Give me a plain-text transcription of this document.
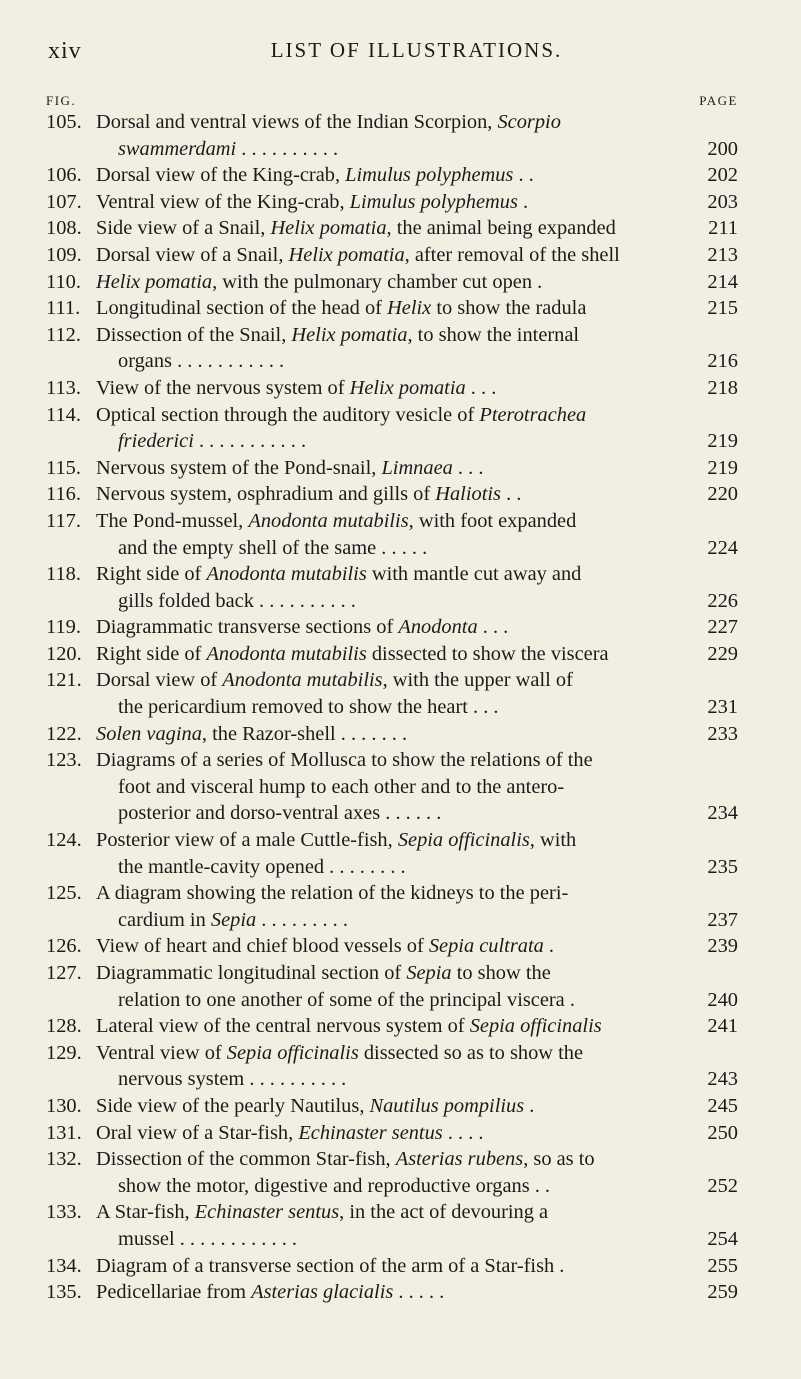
xiv	LIST OF ILLUSTRATIONS.
FIG.	PAGE
105. Dorsal and ventral views of the Indian Scorpion, Scorpio
swammerdami . . . . . . . . . .	200
106. Dorsal view of the King-crab, Limulus polyphemus . .	202
107. Ventral view of the King-crab, Limulus polyphemus .	203
108. Side view of a Snail, Helix pomatia, the animal being expanded	211
109. Dorsal view of a Snail, Helix pomatia, after removal of the shell	213
110. Helix pomatia, with the pulmonary chamber cut open .	214
111. Longitudinal section of the head of Helix to show the radula	215
112. Dissection of the Snail, Helix pomatia, to show the internal
organs . . . . . . . . . . .	216
113. View of the nervous system of Helix pomatia . . .	218
114. Optical section through the auditory vesicle of Pterotrachea
friederici . . . . . . . . . . .	219
115. Nervous system of the Pond-snail, Limnaea . . .	219
116. Nervous system, osphradium and gills of Haliotis . .	220
117. The Pond-mussel, Anodonta mutabilis, with foot expanded
and the empty shell of the same . . . . .	224
118. Right side of Anodonta mutabilis with mantle cut away and
gills folded back . . . . . . . . . .	226
119. Diagrammatic transverse sections of Anodonta . . .	227
120. Right side of Anodonta mutabilis dissected to show the viscera	229
121. Dorsal view of Anodonta mutabilis, with the upper wall of
the pericardium removed to show the heart . . .	231
122. Solen vagina, the Razor-shell . . . . . . .	233
123. Diagrams of a series of Mollusca to show the relations of the
foot and visceral hump to each other and to the antero-
posterior and dorso-ventral axes . . . . . .	234
124. Posterior view of a male Cuttle-fish, Sepia officinalis, with
the mantle-cavity opened . . . . . . . .	235
125. A diagram showing the relation of the kidneys to the peri-
cardium in Sepia . . . . . . . . .	237
126. View of heart and chief blood vessels of Sepia cultrata .	239
127. Diagrammatic longitudinal section of Sepia to show the
relation to one another of some of the principal viscera .	240
128. Lateral view of the central nervous system of Sepia officinalis	241
129. Ventral view of Sepia officinalis dissected so as to show the
nervous system . . . . . . . . . .	243
130. Side view of the pearly Nautilus, Nautilus pompilius .	245
131. Oral view of a Star-fish, Echinaster sentus . . . .	250
132. Dissection of the common Star-fish, Asterias rubens, so as to
show the motor, digestive and reproductive organs . .	252
133. A Star-fish, Echinaster sentus, in the act of devouring a
mussel . . . . . . . . . . . .	254
134. Diagram of a transverse section of the arm of a Star-fish .	255
135. Pedicellariae from Asterias glacialis . . . . .	259
